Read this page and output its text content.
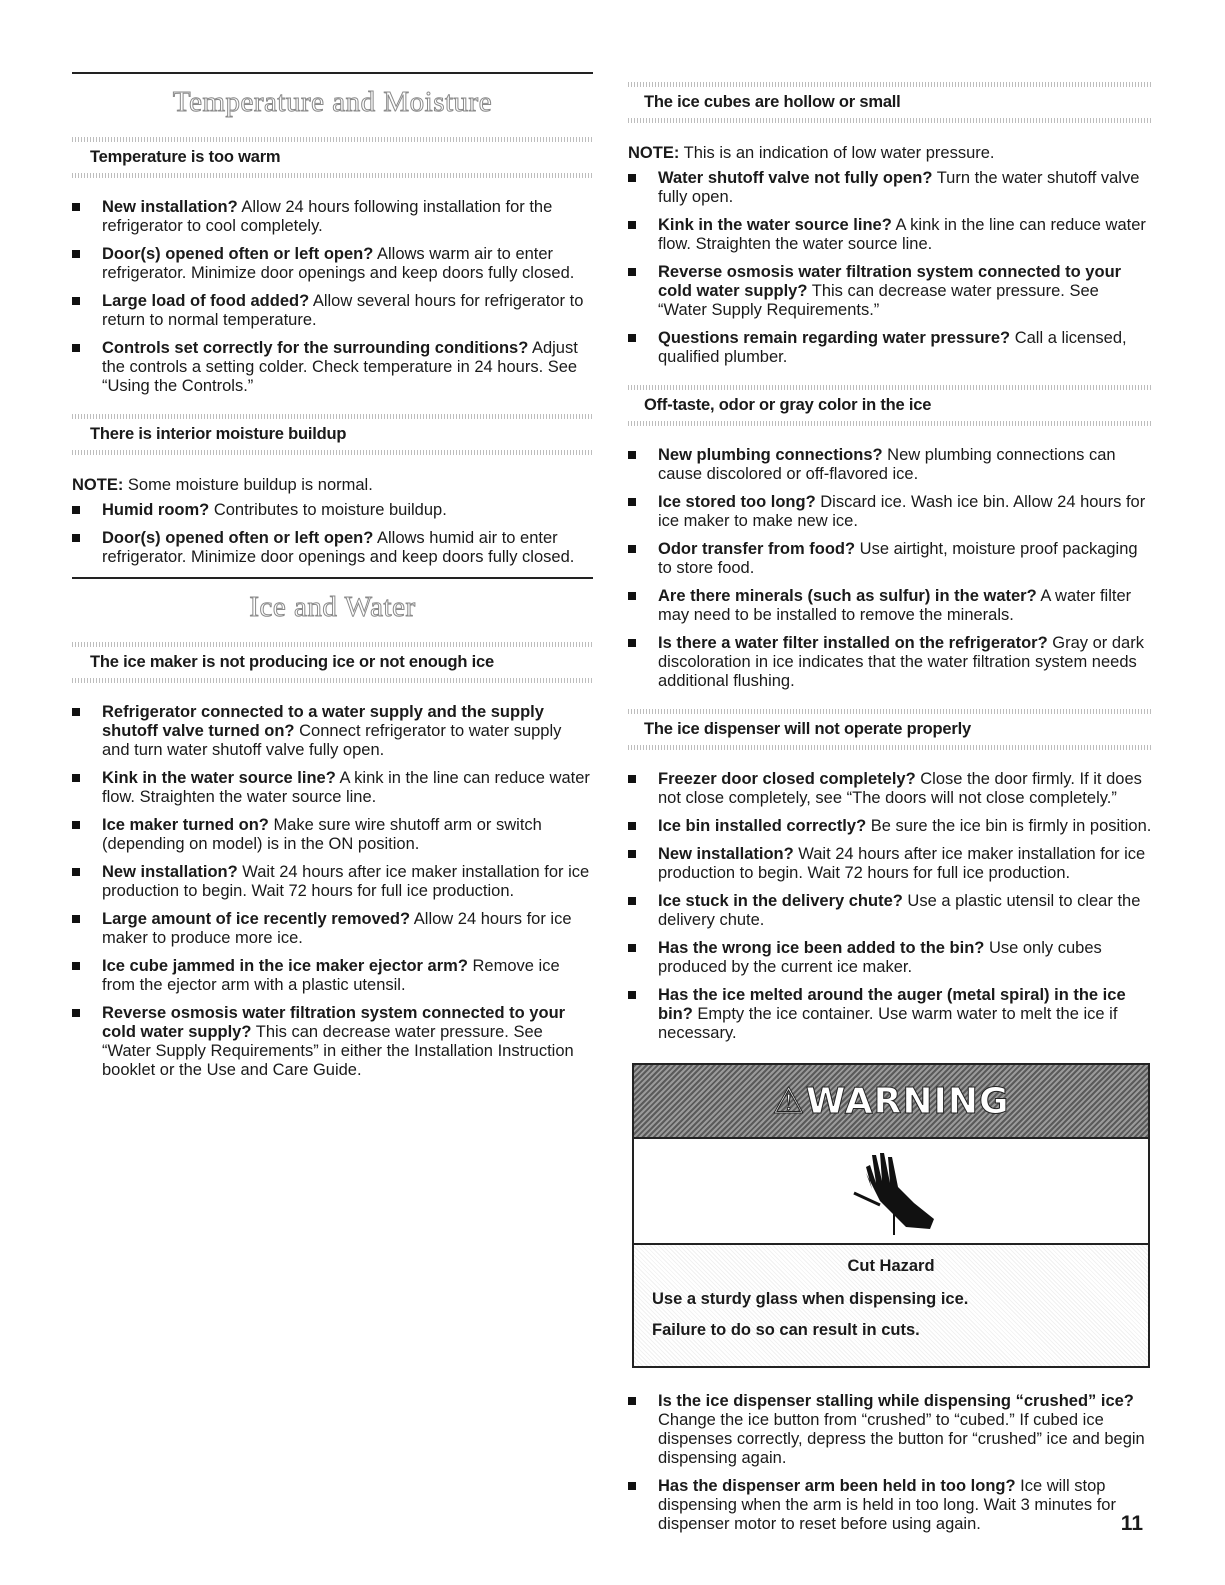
Temperature and Moisture
Temperature is too warm
New installation? Allow 24 hours following installation for the refrigerator to cool completely.
Door(s) opened often or left open? Allows warm air to enter refrigerator. Minimize door openings and keep doors fully closed.
Large load of food added? Allow several hours for refrigerator to return to normal temperature.
Controls set correctly for the surrounding conditions? Adjust the controls a setting colder. Check temperature in 24 hours. See “Using the Controls.”
There is interior moisture buildup
NOTE: Some moisture buildup is normal.
Humid room? Contributes to moisture buildup.
Door(s) opened often or left open? Allows humid air to enter refrigerator. Minimize door openings and keep doors fully closed.
Ice and Water
The ice maker is not producing ice or not enough ice
Refrigerator connected to a water supply and the supply shutoff valve turned on? Connect refrigerator to water supply and turn water shutoff valve fully open.
Kink in the water source line? A kink in the line can reduce water flow. Straighten the water source line.
Ice maker turned on? Make sure wire shutoff arm or switch (depending on model) is in the ON position.
New installation? Wait 24 hours after ice maker installation for ice production to begin. Wait 72 hours for full ice production.
Large amount of ice recently removed? Allow 24 hours for ice maker to produce more ice.
Ice cube jammed in the ice maker ejector arm? Remove ice from the ejector arm with a plastic utensil.
Reverse osmosis water filtration system connected to your cold water supply? This can decrease water pressure. See “Water Supply Requirements” in either the Installation Instruction booklet or the Use and Care Guide.
The ice cubes are hollow or small
NOTE: This is an indication of low water pressure.
Water shutoff valve not fully open? Turn the water shutoff valve fully open.
Kink in the water source line? A kink in the line can reduce water flow. Straighten the water source line.
Reverse osmosis water filtration system connected to your cold water supply? This can decrease water pressure. See “Water Supply Requirements.”
Questions remain regarding water pressure? Call a licensed, qualified plumber.
Off-taste, odor or gray color in the ice
New plumbing connections? New plumbing connections can cause discolored or off-flavored ice.
Ice stored too long? Discard ice. Wash ice bin. Allow 24 hours for ice maker to make new ice.
Odor transfer from food? Use airtight, moisture proof packaging to store food.
Are there minerals (such as sulfur) in the water? A water filter may need to be installed to remove the minerals.
Is there a water filter installed on the refrigerator? Gray or dark discoloration in ice indicates that the water filtration system needs additional flushing.
The ice dispenser will not operate properly
Freezer door closed completely? Close the door firmly. If it does not close completely, see “The doors will not close completely.”
Ice bin installed correctly? Be sure the ice bin is firmly in position.
New installation? Wait 24 hours after ice maker installation for ice production to begin. Wait 72 hours for full ice production.
Ice stuck in the delivery chute? Use a plastic utensil to clear the delivery chute.
Has the wrong ice been added to the bin? Use only cubes produced by the current ice maker.
Has the ice melted around the auger (metal spiral) in the ice bin? Empty the ice container. Use warm water to melt the ice if necessary.
⚠WARNING
Cut Hazard

Use a sturdy glass when dispensing ice.

Failure to do so can result in cuts.

Is the ice dispenser stalling while dispensing “crushed” ice? Change the ice button from “crushed” to “cubed.” If cubed ice dispenses correctly, depress the button for “crushed” ice and begin dispensing again.
Has the dispenser arm been held in too long? Ice will stop dispensing when the arm is held in too long. Wait 3 minutes for dispenser motor to reset before using again.	11
